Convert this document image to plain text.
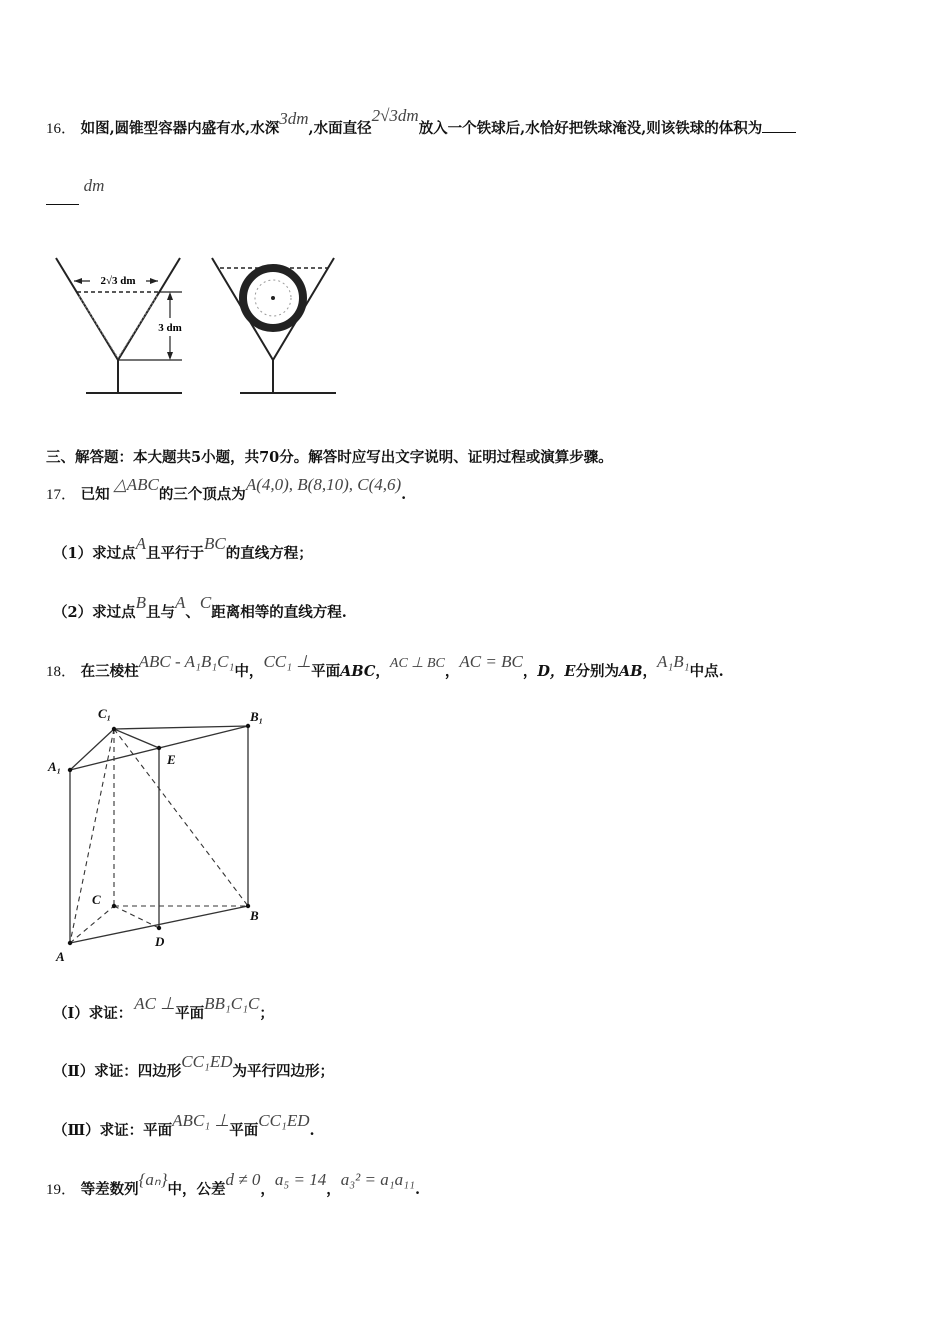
16． 如图,圆锥型容器内盛有水,水深3dm,水面直径2√3dm放入一个铁球后,水恰好把铁球淹没,则该铁球的体积为
dm
2√3 dm
3 dm
三、解答题：本大题共5小题，共70分。解答时应写出文字说明、证明过程或演算步骤。
17． 已知△ABC的三个顶点为A(4,0), B(8,10), C(4,6).
（1）求过点A且平行于BC的直线方程；
（2）求过点B且与A、C距离相等的直线方程.
18． 在三棱柱ABC - A₁B₁C₁中，CC₁ ⊥平面ABC，AC ⊥ BC，AC = BC，D，E分别为AB，A₁B₁中点.
C₁	B₁
A₁	E
C
B
D
A
（Ⅰ）求证：AC ⊥平面BB₁C₁C；
（Ⅱ）求证：四边形CC₁ED为平行四边形；
（Ⅲ）求证：平面ABC₁ ⊥平面CC₁ED.
19． 等差数列{aₙ}中，公差d ≠ 0，a₅ = 14，a₃² = a₁a₁₁.
